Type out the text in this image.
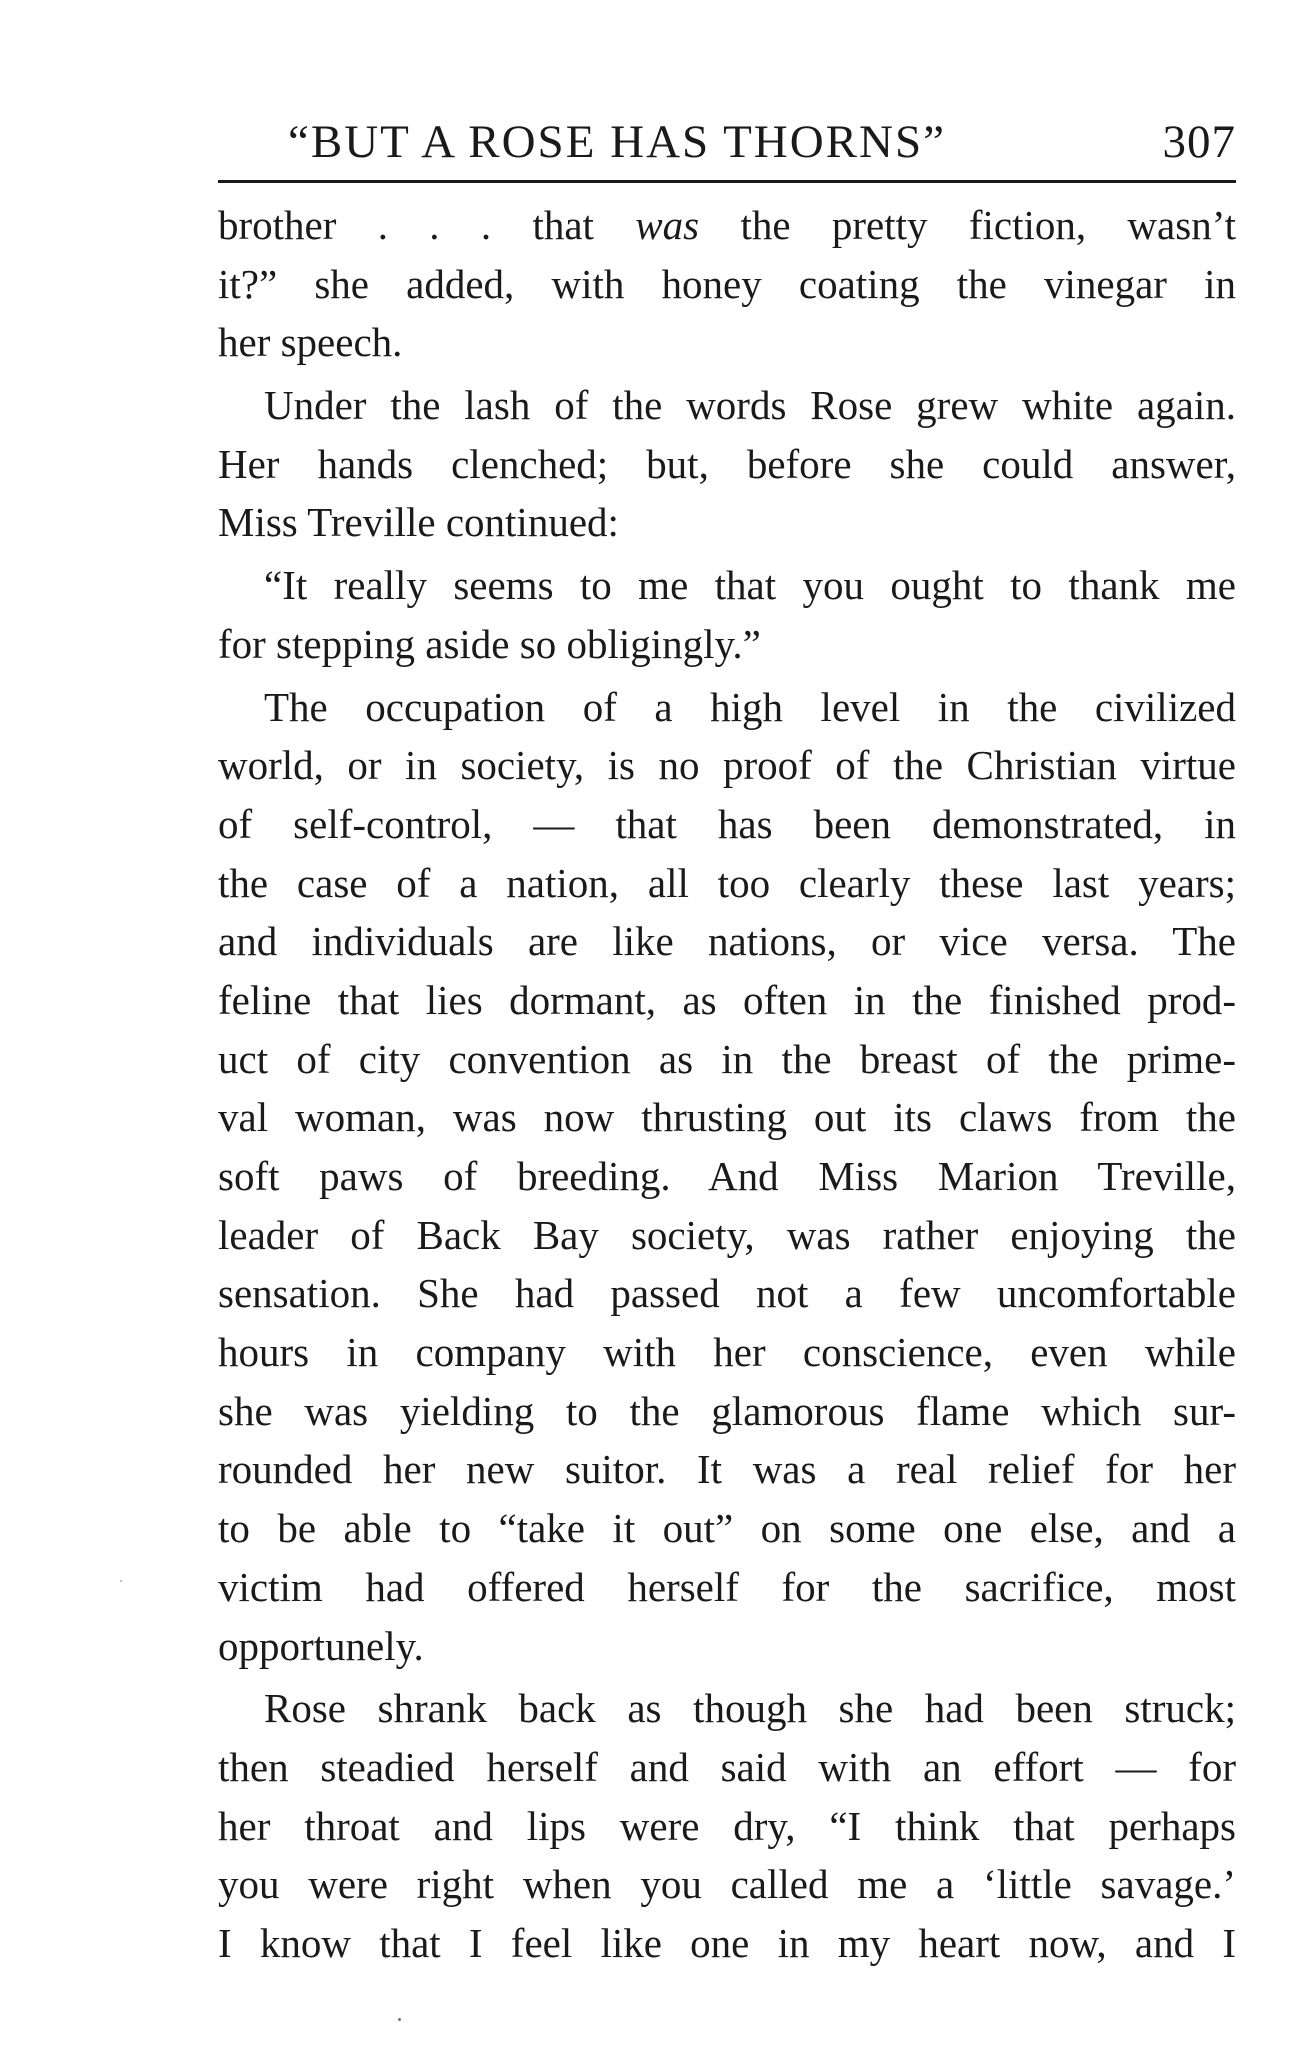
“BUT A ROSE HAS THORNS”	307
brother . . . that was the pretty fiction, wasn’t
it?” she added, with honey coating the vinegar in
her speech.
Under the lash of the words Rose grew white again.
Her hands clenched; but, before she could answer,
Miss Treville continued:
“It really seems to me that you ought to thank me
for stepping aside so obligingly.”
The occupation of a high level in the civilized
world, or in society, is no proof of the Christian virtue
of self-control, — that has been demonstrated, in
the case of a nation, all too clearly these last years;
and individuals are like nations, or vice versa. The
feline that lies dormant, as often in the finished prod-
uct of city convention as in the breast of the prime-
val woman, was now thrusting out its claws from the
soft paws of breeding. And Miss Marion Treville,
leader of Back Bay society, was rather enjoying the
sensation. She had passed not a few uncomfortable
hours in company with her conscience, even while
she was yielding to the glamorous flame which sur-
rounded her new suitor. It was a real relief for her
to be able to “take it out” on some one else, and a
victim had offered herself for the sacrifice, most
opportunely.
Rose shrank back as though she had been struck;
then steadied herself and said with an effort — for
her throat and lips were dry, “I think that perhaps
you were right when you called me a ‘little savage.’
I know that I feel like one in my heart now, and I
